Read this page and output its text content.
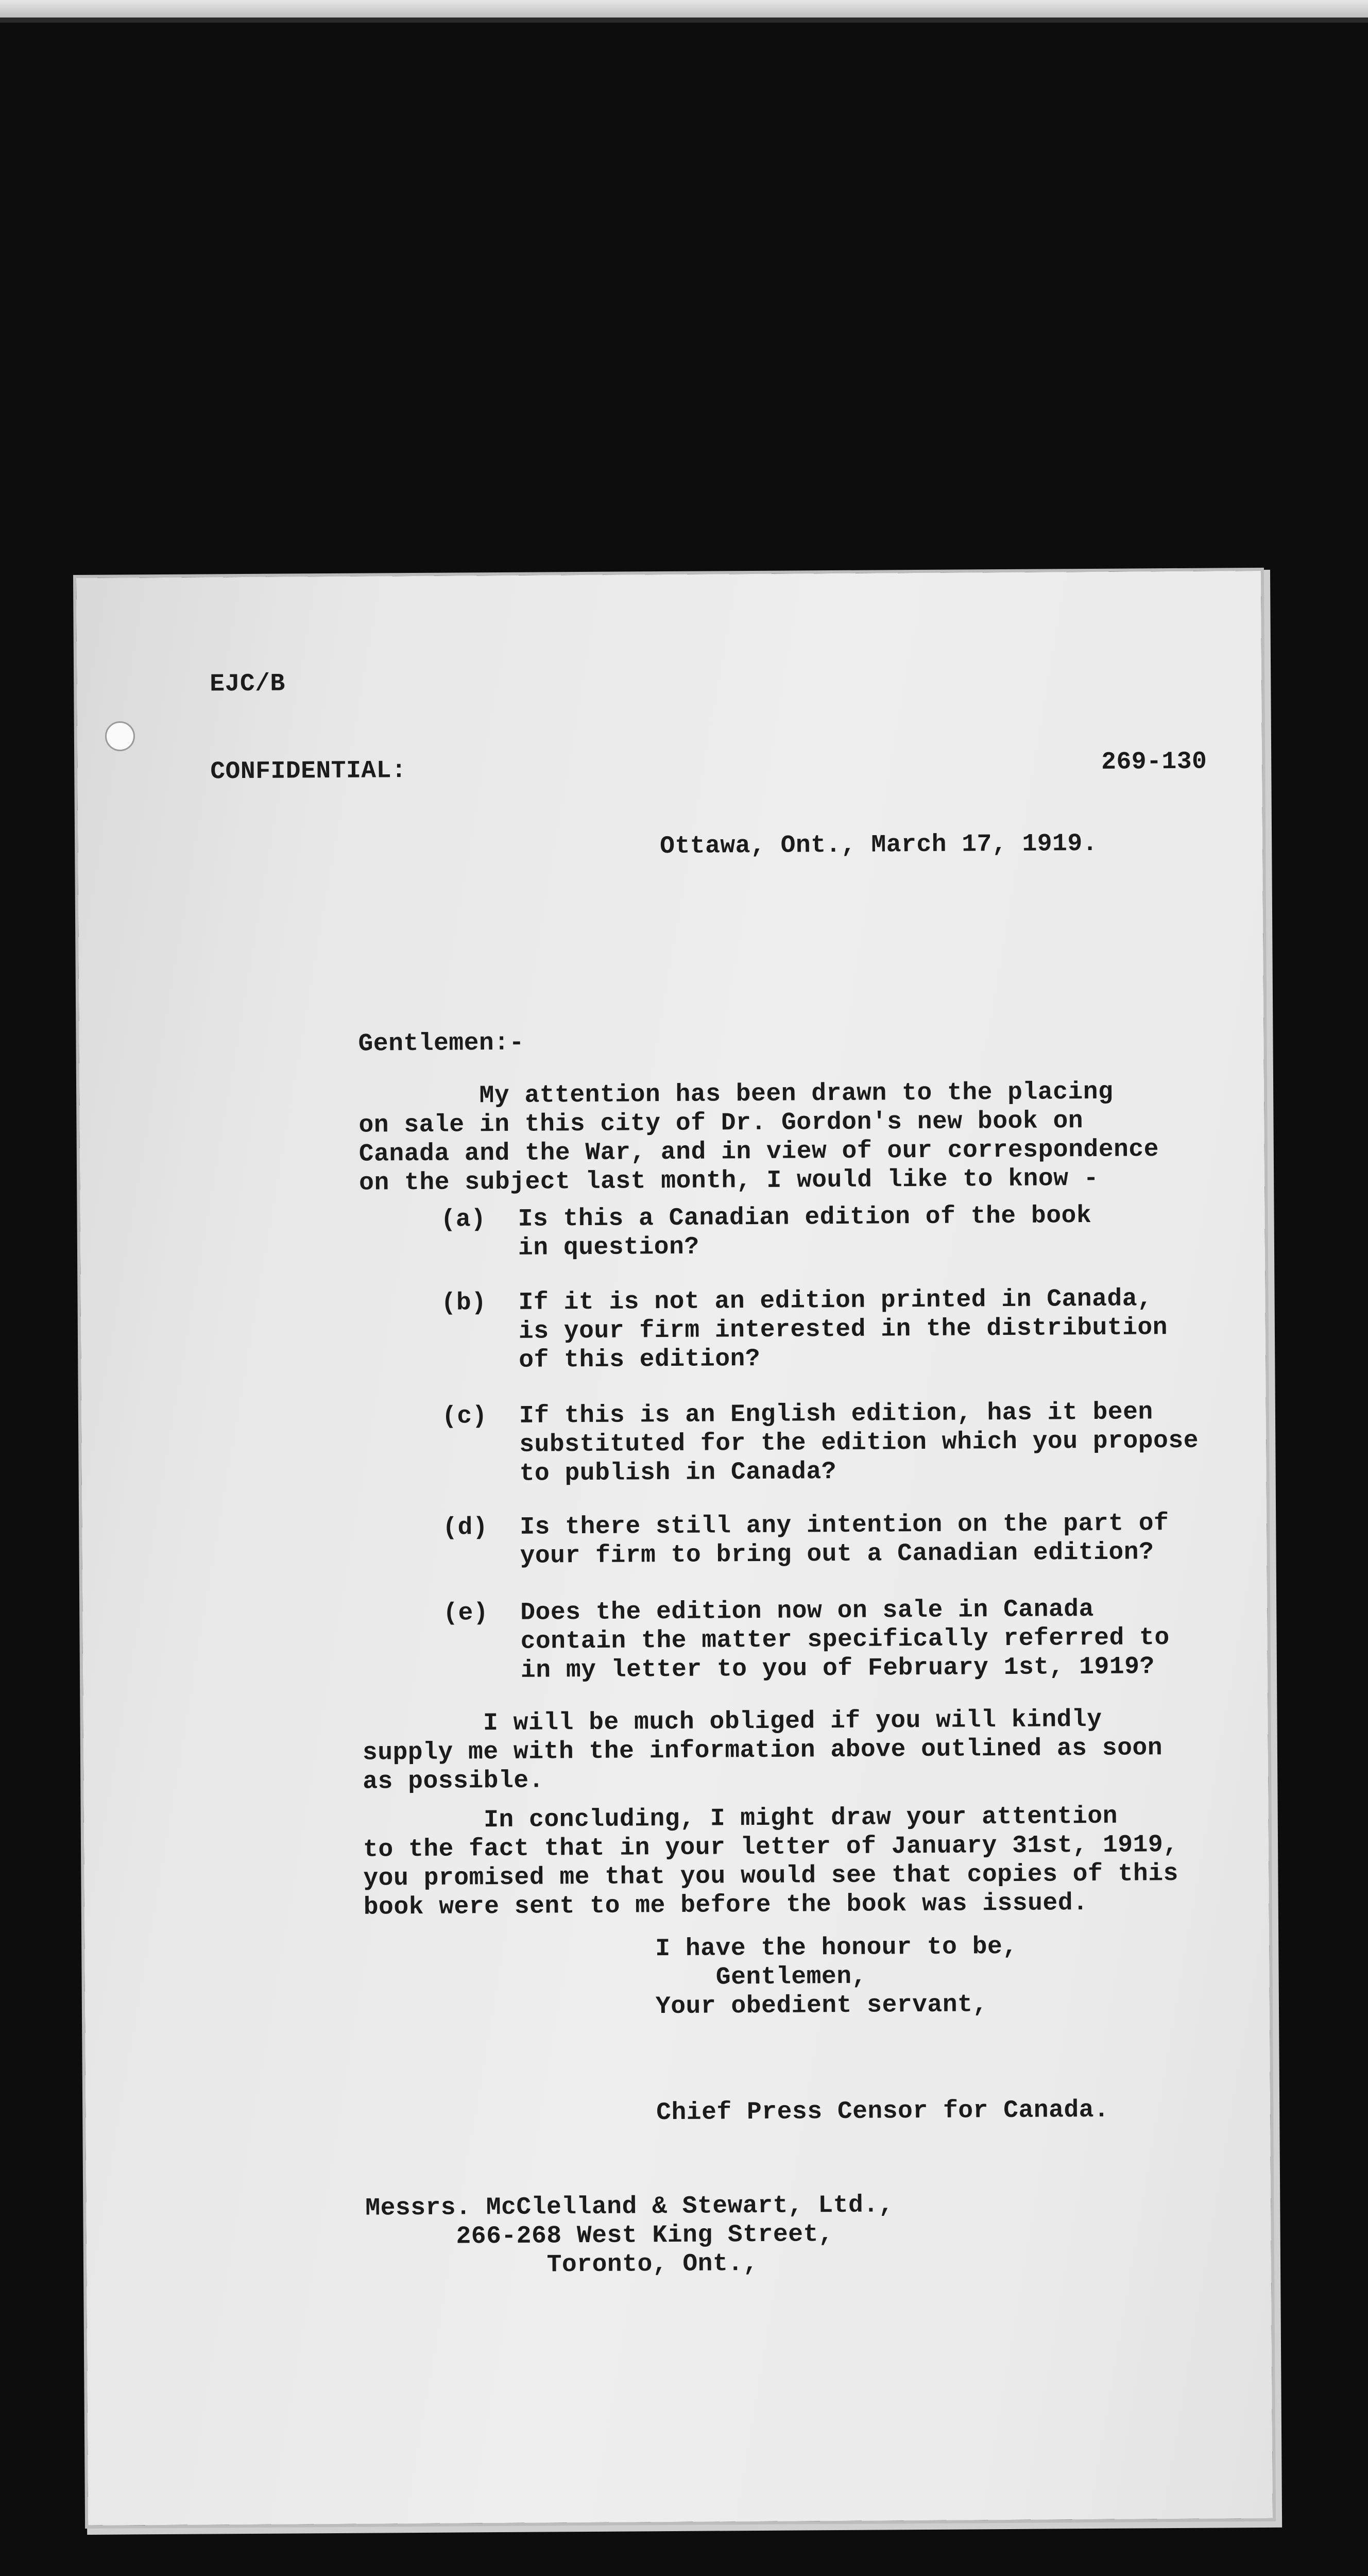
EJC/B
CONFIDENTIAL:	269-130
Ottawa, Ont., March 17, 1919.
Gentlemen:-
My attention has been drawn to the placing
on sale in this city of Dr. Gordon's new book on
Canada and the War, and in view of our correspondence
on the subject last month, I would like to know -
(a) Is this a Canadian edition of the book
in question?
(b) If it is not an edition printed in Canada,
is your firm interested in the distribution
of this edition?
(c) If this is an English edition, has it been
substituted for the edition which you propose
to publish in Canada?
(d) Is there still any intention on the part of
your firm to bring out a Canadian edition?
(e) Does the edition now on sale in Canada
contain the matter specifically referred to
in my letter to you of February 1st, 1919?
I will be much obliged if you will kindly
supply me with the information above outlined as soon
as possible.
In concluding, I might draw your attention
to the fact that in your letter of January 31st, 1919,
you promised me that you would see that copies of this
book were sent to me before the book was issued.
I have the honour to be,
Gentlemen,
Your obedient servant,
Chief Press Censor for Canada.
Messrs. McClelland & Stewart, Ltd.,
266-268 West King Street,
Toronto, Ont.,
